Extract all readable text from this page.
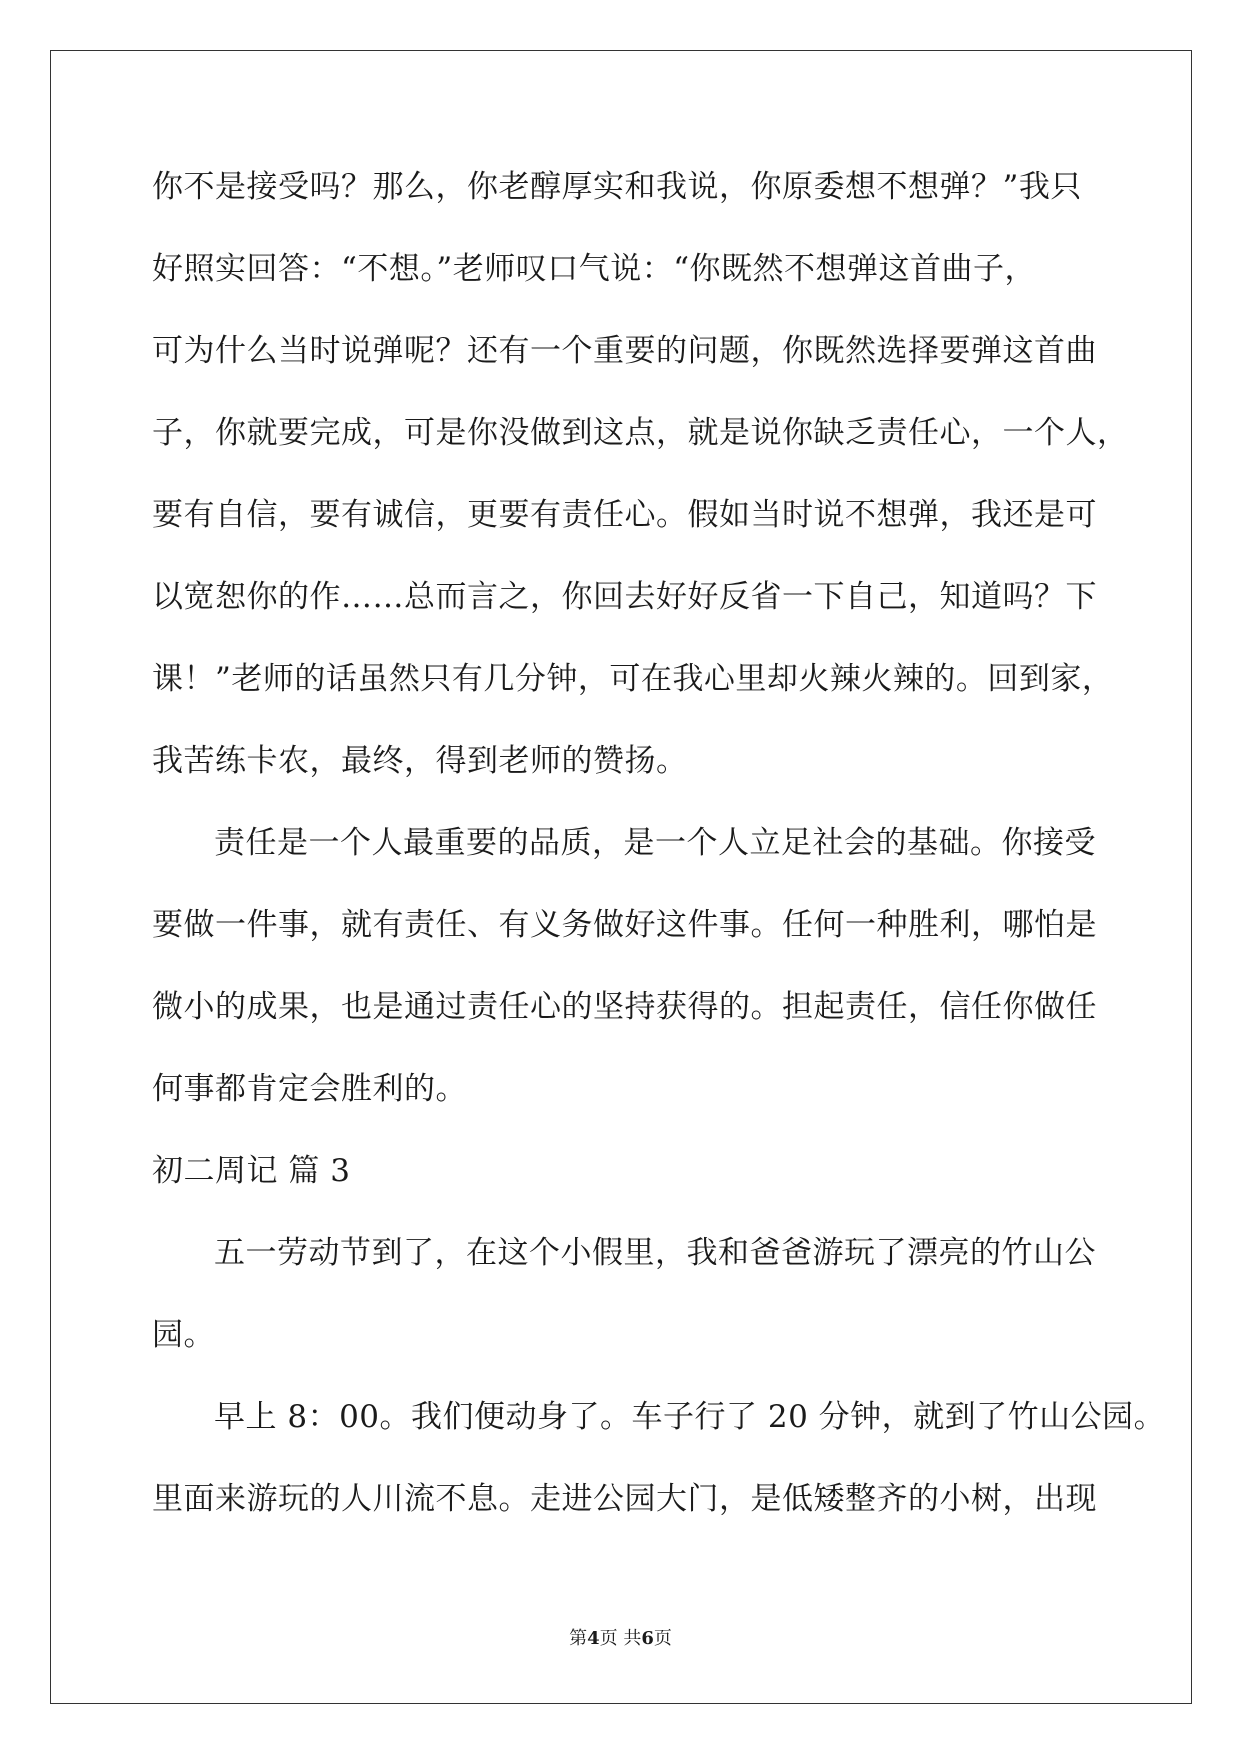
你不是接受吗？那么，你老醇厚实和我说，你原委想不想弹？”我只
好照实回答：“不想。”老师叹口气说：“你既然不想弹这首曲子，
可为什么当时说弹呢？还有一个重要的问题，你既然选择要弹这首曲
子，你就要完成，可是你没做到这点，就是说你缺乏责任心，一个人，
要有自信，要有诚信，更要有责任心。假如当时说不想弹，我还是可
以宽恕你的作……总而言之，你回去好好反省一下自己，知道吗？下
课！”老师的话虽然只有几分钟，可在我心里却火辣火辣的。回到家，
我苦练卡农，最终，得到老师的赞扬。
责任是一个人最重要的品质，是一个人立足社会的基础。你接受
要做一件事，就有责任、有义务做好这件事。任何一种胜利，哪怕是
微小的成果，也是通过责任心的坚持获得的。担起责任，信任你做任
何事都肯定会胜利的。
初二周记 篇 3
五一劳动节到了，在这个小假里，我和爸爸游玩了漂亮的竹山公
园。
早上 8：00。我们便动身了。车子行了 20 分钟，就到了竹山公园。
里面来游玩的人川流不息。走进公园大门，是低矮整齐的小树，出现
第4页 共6页
